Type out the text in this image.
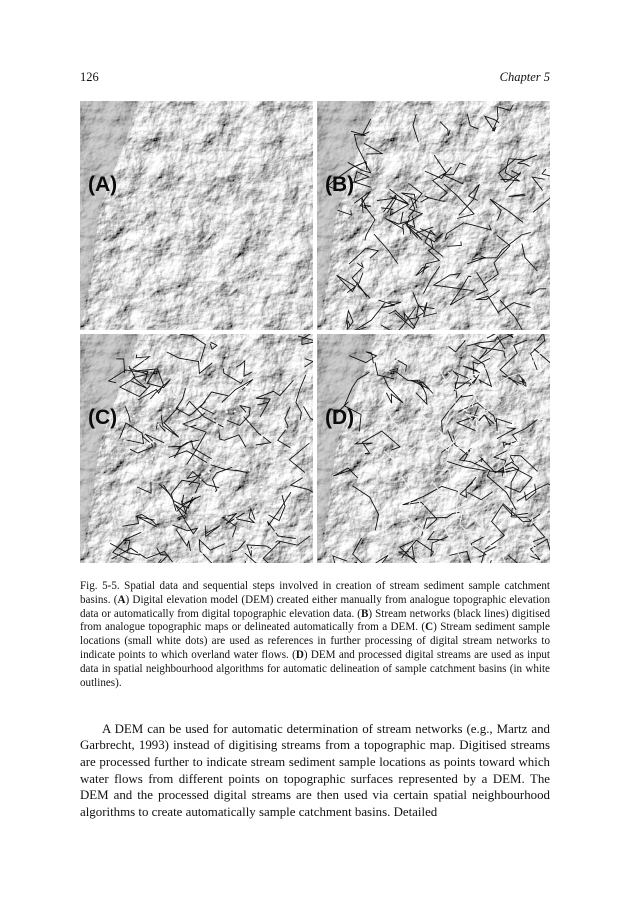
126	Chapter 5
(A)	(B)
(C)	(D)

Fig. 5-5. Spatial data and sequential steps involved in creation of stream sediment sample catchment basins. (A) Digital elevation model (DEM) created either manually from analogue topographic elevation data or automatically from digital topographic elevation data. (B) Stream networks (black lines) digitised from analogue topographic maps or delineated automatically from a DEM. (C) Stream sediment sample locations (small white dots) are used as references in further processing of digital stream networks to indicate points to which overland water flows. (D) DEM and processed digital streams are used as input data in spatial neighbourhood algorithms for automatic delineation of sample catchment basins (in white outlines).

A DEM can be used for automatic determination of stream networks (e.g., Martz and Garbrecht, 1993) instead of digitising streams from a topographic map. Digitised streams are processed further to indicate stream sediment sample locations as points toward which water flows from different points on topographic surfaces represented by a DEM. The DEM and the processed digital streams are then used via certain spatial neighbourhood algorithms to create automatically sample catchment basins. Detailed
